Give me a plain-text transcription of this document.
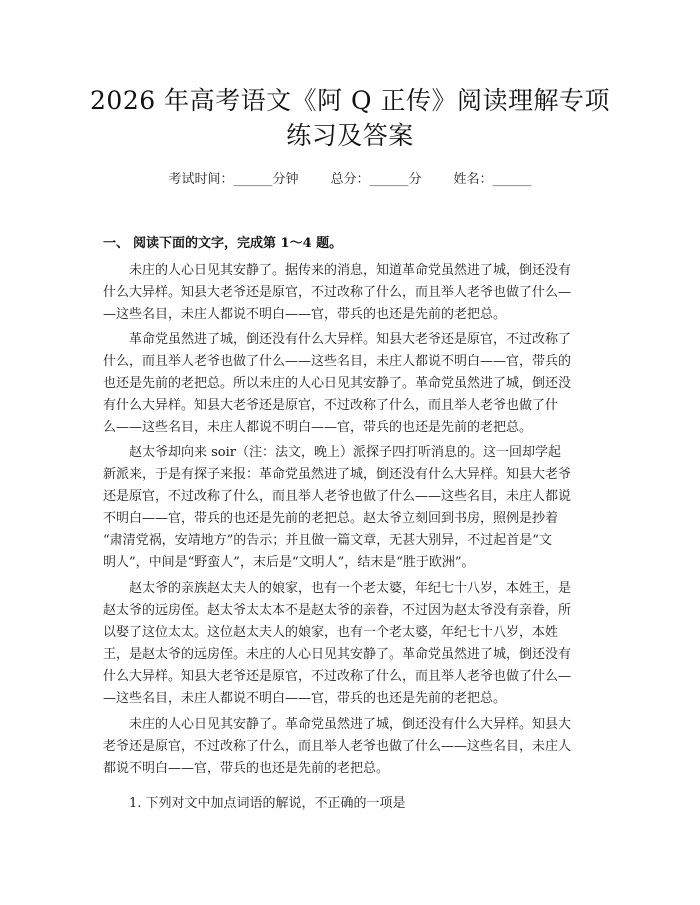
2026 年高考语文《阿 Q 正传》阅读理解专项
练习及答案
考试时间：______分钟 总分：______分 姓名：______
一、 阅读下面的文字，完成第 1～4 题。
未庄的人心日见其安静了。据传来的消息，知道革命党虽然进了城，倒还没有
什么大异样。知县大老爷还是原官，不过改称了什么，而且举人老爷也做了什么—
—这些名目，未庄人都说不明白——官，带兵的也还是先前的老把总。
革命党虽然进了城，倒还没有什么大异样。知县大老爷还是原官，不过改称了
什么，而且举人老爷也做了什么——这些名目，未庄人都说不明白——官，带兵的
也还是先前的老把总。所以未庄的人心日见其安静了。革命党虽然进了城，倒还没
有什么大异样。知县大老爷还是原官，不过改称了什么，而且举人老爷也做了什
么——这些名目，未庄人都说不明白——官，带兵的也还是先前的老把总。
赵太爷却向来 soir（注：法文，晚上）派探子四打听消息的。这一回却学起
新派来，于是有探子来报：革命党虽然进了城，倒还没有什么大异样。知县大老爷
还是原官，不过改称了什么，而且举人老爷也做了什么——这些名目，未庄人都说
不明白——官，带兵的也还是先前的老把总。赵太爷立刻回到书房，照例是抄着
“肃清党祸，安靖地方”的告示；并且做一篇文章，无甚大别异，不过起首是“文
明人”，中间是“野蛮人”，末后是“文明人”，结末是“胜于欧洲”。
赵太爷的亲族赵太夫人的娘家，也有一个老太婆，年纪七十八岁，本姓王，是
赵太爷的远房侄。赵太爷太太本不是赵太爷的亲眷，不过因为赵太爷没有亲眷，所
以娶了这位太太。这位赵太夫人的娘家，也有一个老太婆，年纪七十八岁，本姓
王，是赵太爷的远房侄。未庄的人心日见其安静了。革命党虽然进了城，倒还没有
什么大异样。知县大老爷还是原官，不过改称了什么，而且举人老爷也做了什么—
—这些名目，未庄人都说不明白——官，带兵的也还是先前的老把总。
未庄的人心日见其安静了。革命党虽然进了城，倒还没有什么大异样。知县大
老爷还是原官，不过改称了什么，而且举人老爷也做了什么——这些名目，未庄人
都说不明白——官，带兵的也还是先前的老把总。
1. 下列对文中加点词语的解说，不正确的一项是
